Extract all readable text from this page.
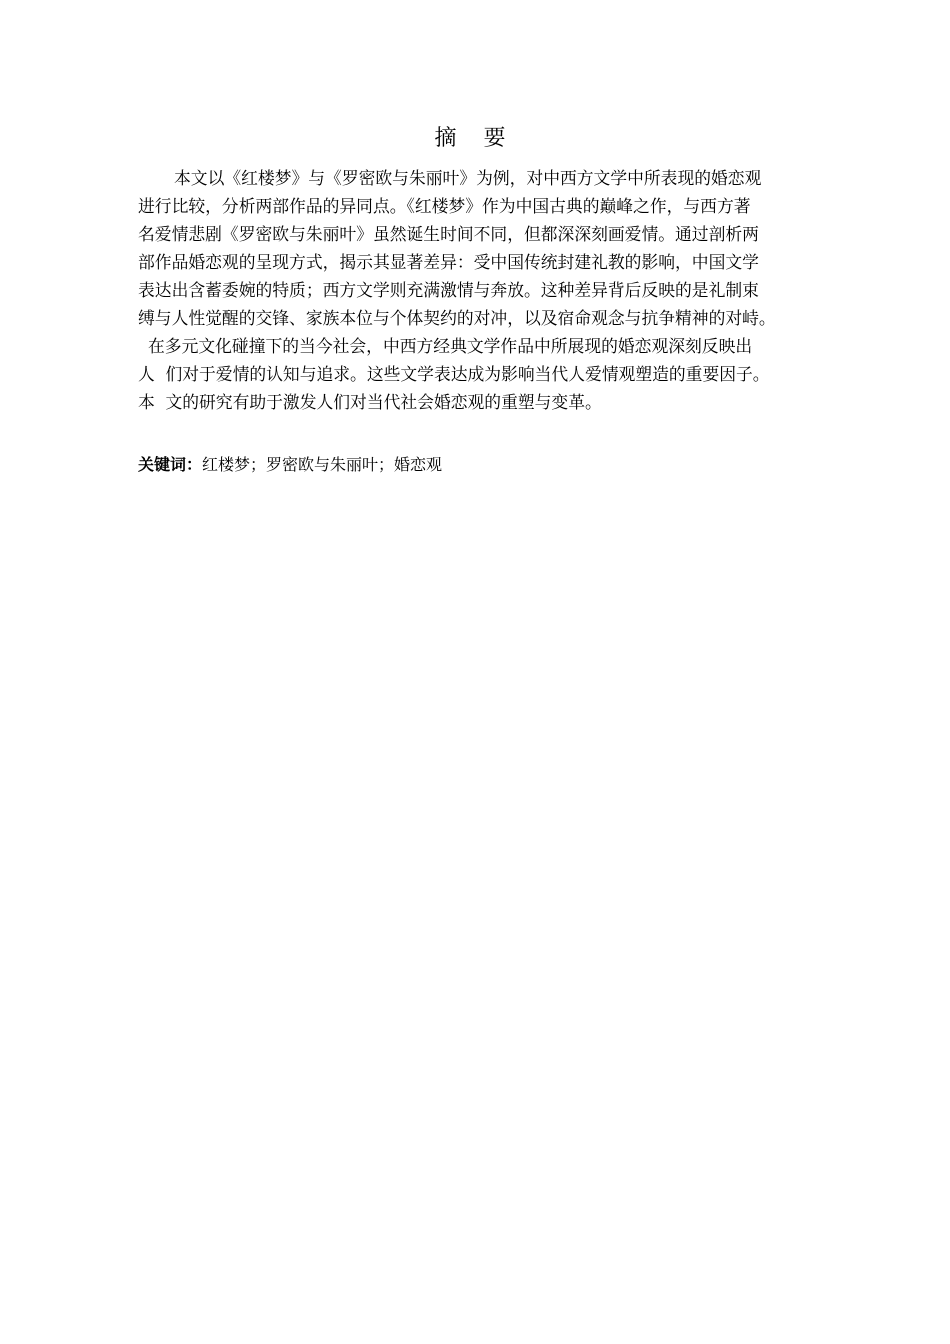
摘 要
本文以《红楼梦》与《罗密欧与朱丽叶》为例，对中西方文学中所表现的婚恋观
进行比较，分析两部作品的异同点。《红楼梦》作为中国古典的巅峰之作，与西方著
名爱情悲剧《罗密欧与朱丽叶》虽然诞生时间不同，但都深深刻画爱情。通过剖析两
部作品婚恋观的呈现方式，揭示其显著差异：受中国传统封建礼教的影响，中国文学
表达出含蓄委婉的特质；西方文学则充满激情与奔放。这种差异背后反映的是礼制束
缚与人性觉醒的交锋、家族本位与个体契约的对冲，以及宿命观念与抗争精神的对峙。
在多元文化碰撞下的当今社会，中西方经典文学作品中所展现的婚恋观深刻反映出
人  们对于爱情的认知与追求。这些文学表达成为影响当代人爱情观塑造的重要因子。
本  文的研究有助于激发人们对当代社会婚恋观的重塑与变革。
关键词：红楼梦；罗密欧与朱丽叶；婚恋观
